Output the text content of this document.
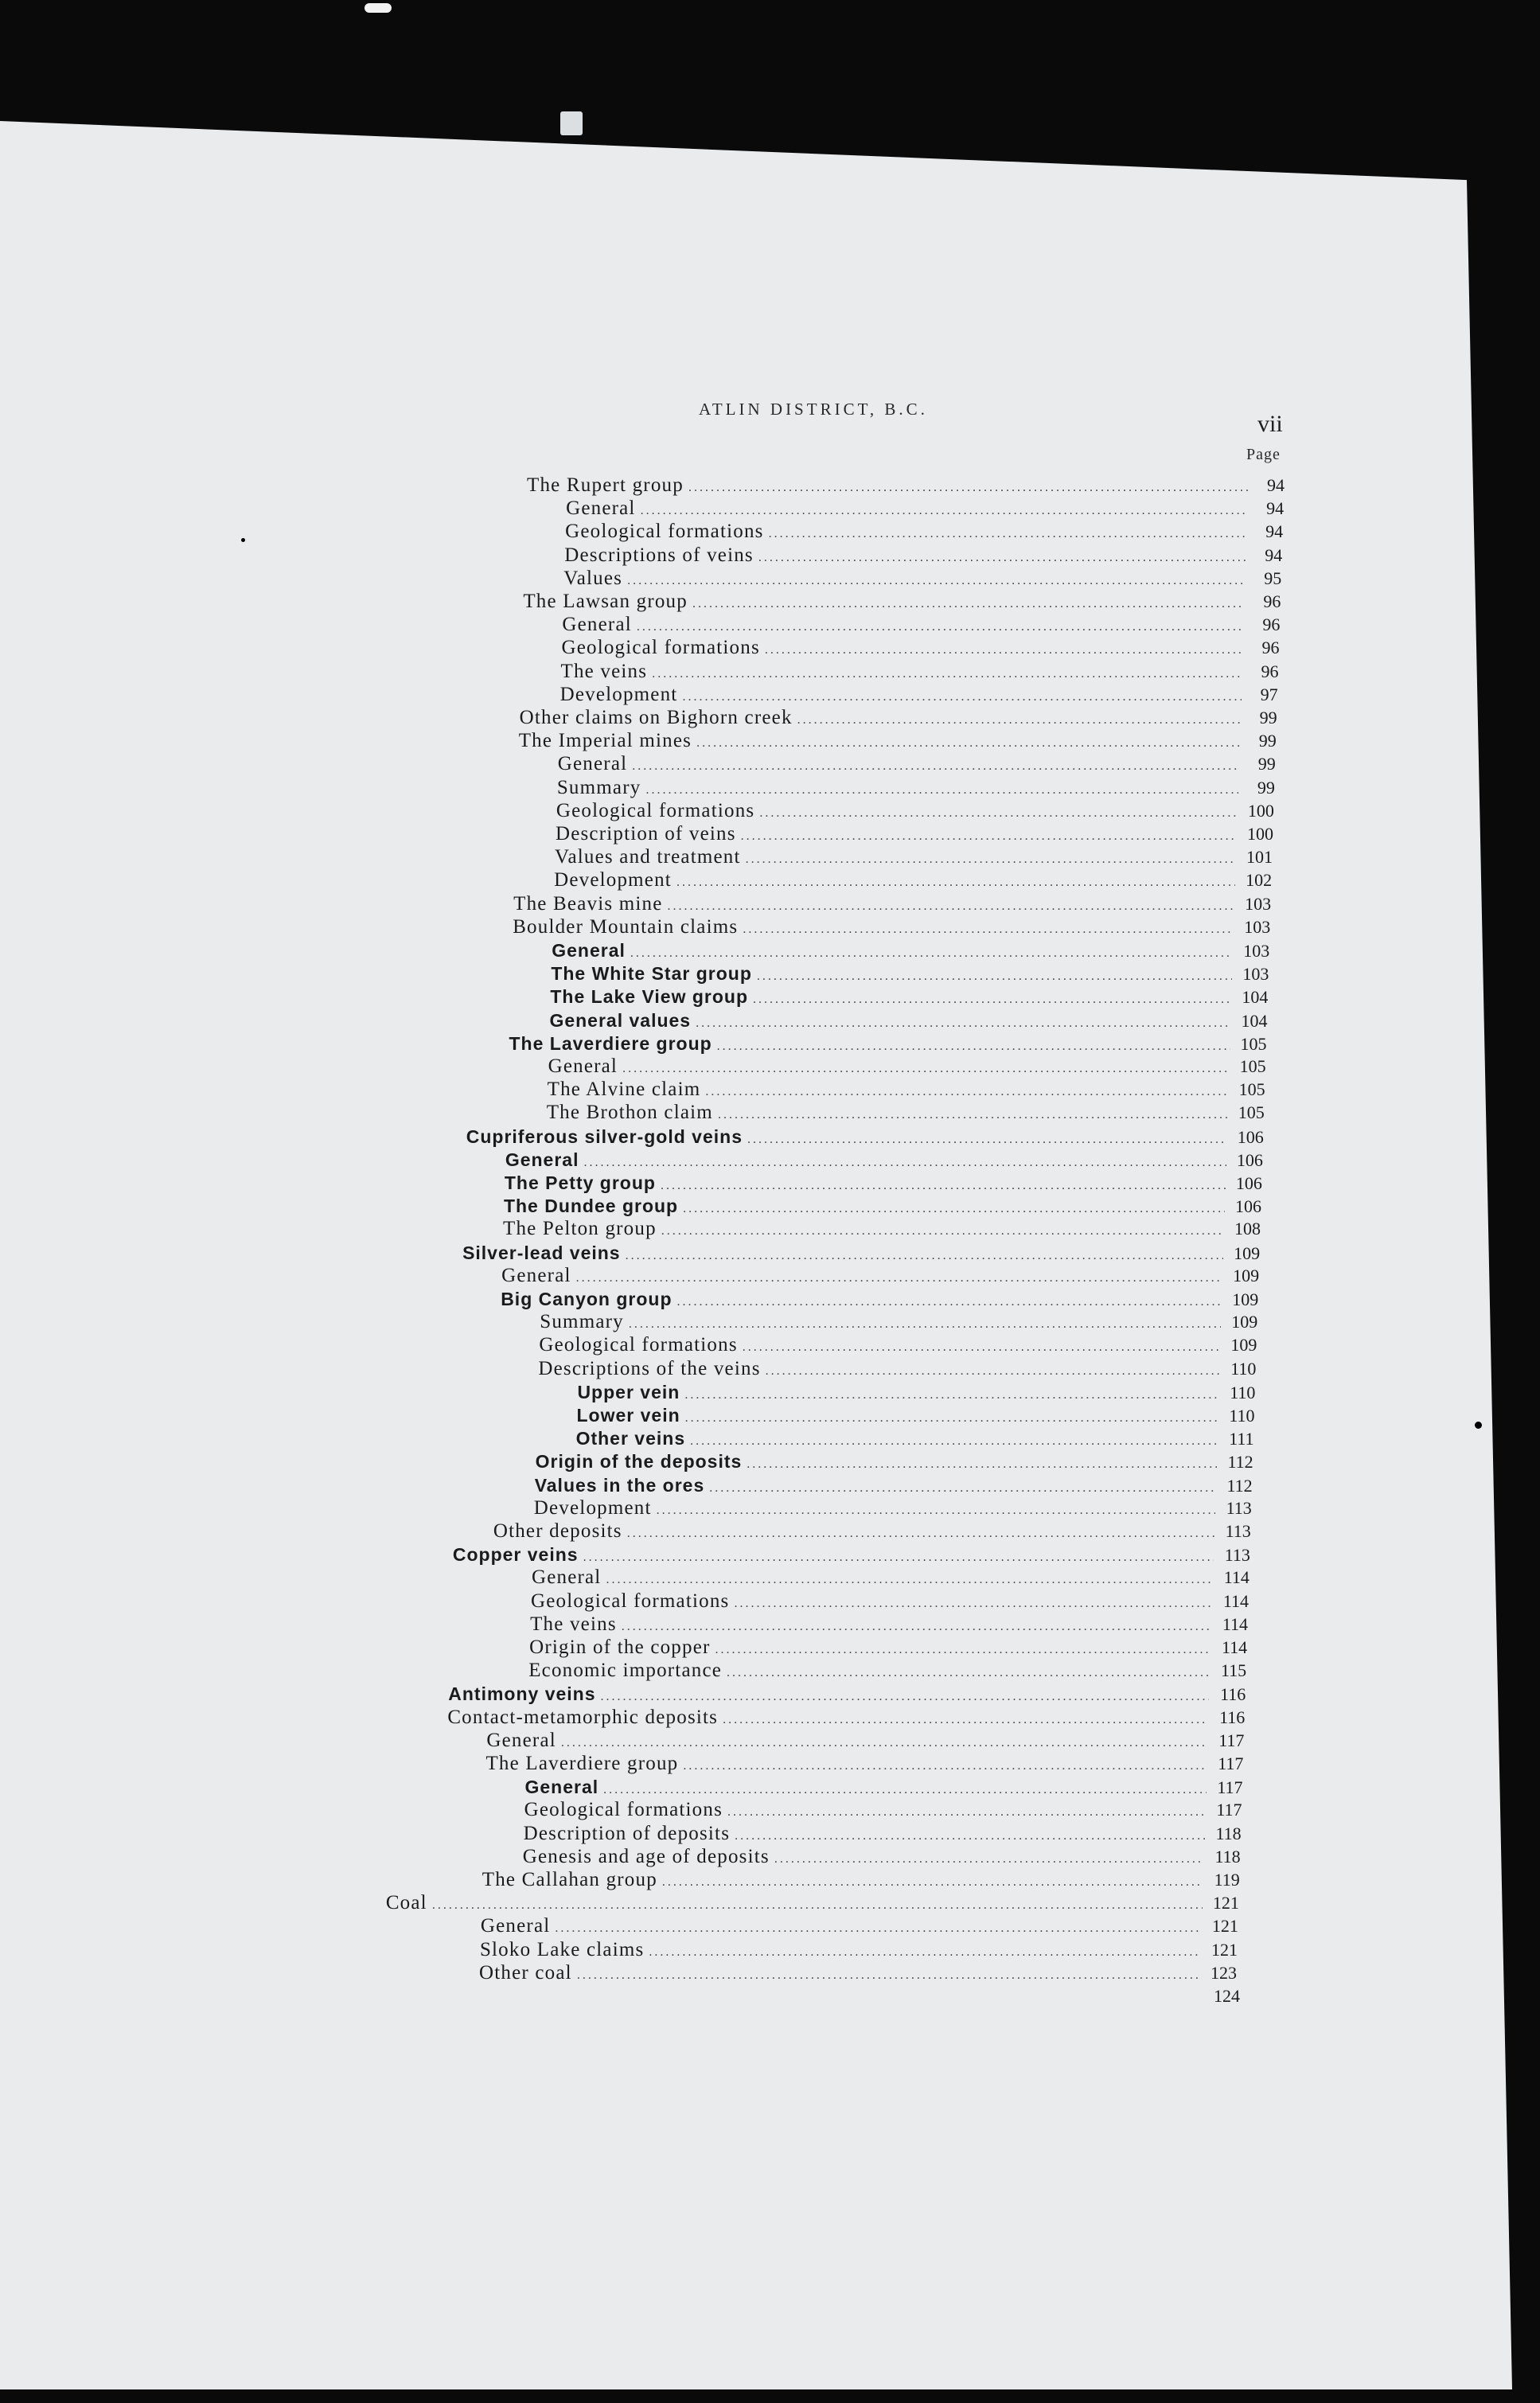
ATLIN DISTRICT, B.C.
vii
Page
The Rupert group .....	94
General .....	94
Geological formations .....	94
Descriptions of veins .....	94
Values .....	95
The Lawsan group .....	96
General .....	96
Geological formations .....	96
The veins .....	96
Development .....	97
Other claims on Bighorn creek .....	99
The Imperial mines .....	99
General .....	99
Summary .....	99
Geological formations .....	100
Description of veins .....	100
Values and treatment .....	101
Development .....	102
The Beavis mine .....	103
Boulder Mountain claims .....	103
General .....	103
The White Star group .....	103
The Lake View group .....	104
General values .....	104
The Laverdiere group .....	105
General .....	105
The Alvine claim .....	105
The Brothon claim .....	105
Cupriferous silver-gold veins .....	106
General .....	106
The Petty group .....	106
The Dundee group .....	106
The Pelton group .....	108
Silver-lead veins .....	109
General .....	109
Big Canyon group .....	109
Summary .....	109
Geological formations .....	109
Descriptions of the veins .....	110
Upper vein .....	110
Lower vein .....	110
Other veins .....	111
Origin of the deposits .....	112
Values in the ores .....	112
Development .....	113
Other deposits .....	113
Copper veins .....	113
General .....	114
Geological formations .....	114
The veins .....	114
Origin of the copper .....	114
Economic importance .....	115
Antimony veins .....	116
Contact-metamorphic deposits .....	116
General .....	117
The Laverdiere group .....	117
General .....	117
Geological formations .....	117
Description of deposits .....	118
Genesis and age of deposits .....	118
The Callahan group .....	119
Coal .....	121
General .....	121
Sloko Lake claims .....	121
Other coal .....	123
124
